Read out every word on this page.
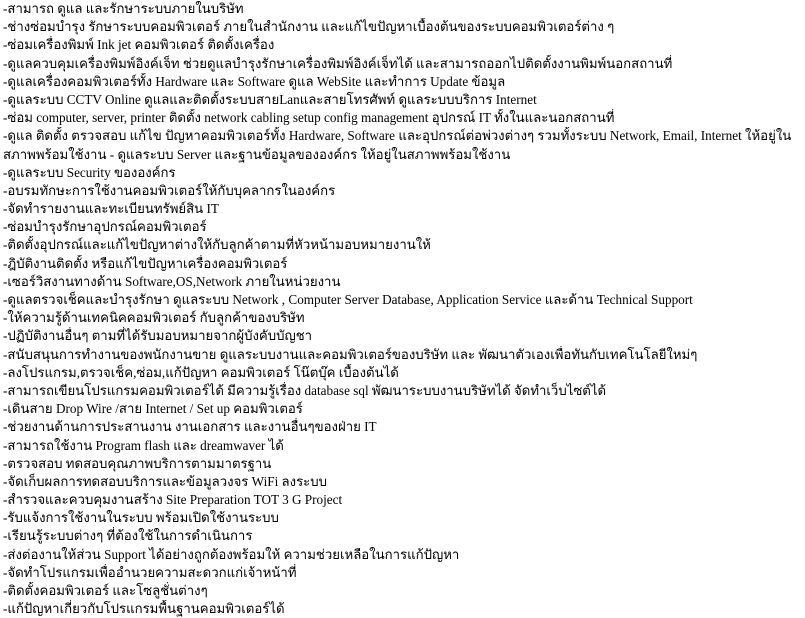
-สามารถ ดูแล และรักษาระบบภายในบริษัท
-ช่างซ่อมบำรุง รักษาระบบคอมพิวเตอร์ ภายในสำนักงาน และแก้ไขปัญหาเบื้องต้นของระบบคอมพิวเตอร์ต่าง ๆ
-ซ่อมเครื่องพิมพ์ Ink jet คอมพิวเตอร์ ติดตั้งเครื่อง
-ดูแลควบคุมเครื่องพิมพ์อิงค์เจ็ท ช่วยดูแลบำรุงรักษาเครื่องพิมพ์อิงค์เจ็ทได้ และสามารถออกไปติดตั้งงานพิมพ์นอกสถานที่
-ดูแลเครื่องคอมพิวเตอร์ทั้ง Hardware และ Software ดูแล WebSite และทำการ Update ข้อมูล
-ดูแลระบบ CCTV Online ดูแลและติดตั้งระบบสายLanและสายโทรศัพท์ ดูแลระบบบริการ Internet
-ซ่อม computer, server, printer ติดตั้ง network cabling setup config management อุปกรณ์ IT ทั้งในและนอกสถานที่
-ดูแล ติดตั้ง ตรวจสอบ แก้ไข ปัญหาคอมพิวเตอร์ทั้ง Hardware, Software และอุปกรณ์ต่อพ่วงต่างๆ รวมทั้งระบบ Network, Email, Internet ให้อยู่ในสภาพพร้อมใช้งาน - ดูแลระบบ Server และฐานข้อมูลขององค์กร ให้อยู่ในสภาพพร้อมใช้งาน
-ดูแลระบบ Security ขององค์กร
-อบรมทักษะการใช้งานคอมพิวเตอร์ให้กับบุคลากรในองค์กร
-จัดทำรายงานและทะเบียนทรัพย์สิน IT
-ซ่อมบำรุงรักษาอุปกรณ์คอมพิวเตอร์
-ติดตั้งอุปกรณ์และแก้ไขปัญหาต่างให้กับลูกค้าตามที่หัวหน้ามอบหมายงานให้
-ฎิบัติงานติดตั้ง หรือแก้ไขปัญหาเครื่องคอมพิวเตอร์
-เซอร์วิสงานทางด้าน Software,OS,Network ภายในหน่วยงาน
-ดูแลตรวจเช็คและบำรุงรักษา ดูแลระบบ Network , Computer Server Database, Application Service และด้าน Technical Support
-ให้ความรู้ด้านเทคนิคคอมพิวเตอร์ กับลูกค้าของบริษัท
-ปฏิบัติงานอื่นๆ ตามที่ได้รับมอบหมายจากผู้บังคับบัญชา
-สนับสนุนการทำงานของพนักงานขาย ดูแลระบบงานและคอมพิวเตอร์ของบริษัท และ พัฒนาตัวเองเพื่อทันกับเทคโนโลยีใหม่ๆ
-ลงโปรแกรม,ตรวจเช็ค,ซ่อม,แก้ปัญหา คอมพิวเตอร์ โน๊ตบุ๊ค เบื้องต้นได้
-สามารถเขียนโปรแกรมคอมพิวเตอร์ได้ มีความรู้เรื่อง database sql พัฒนาระบบงานบริษัทได้ จัดทำเว็บไซต์ได้
-เดินสาย Drop Wire /สาย Internet / Set up คอมพิวเตอร์
-ช่วยงานด้านการประสานงาน งานเอกสาร และงานอื่นๆของฝ่าย IT
-สามารถใช้งาน Program flash และ dreamwaver ได้
-ตรวจสอบ ทดสอบคุณภาพบริการตามมาตรฐาน
-จัดเก็บผลการทดสอบบริการและข้อมูลวงจร WiFi ลงระบบ
-สำรวจและควบคุมงานสร้าง Site Preparation TOT 3 G Project
-รับแจ้งการใช้งานในระบบ พร้อมเปิดใช้งานระบบ
-เรียนรู้ระบบต่างๆ ที่ต้องใช้ในการดำเนินการ
-ส่งต่องานให้ส่วน Support ได้อย่างถูกต้องพร้อมให้ ความช่วยเหลือในการแก้ปัญหา
-จัดทำโปรแกรมเพื่ออำนวยความสะดวกแก่เจ้าหน้าที่
-ติดตั้งคอมพิวเตอร์ และโซลูชั่นต่างๆ
-แก้ปัญหาเกี่ยวกับโปรแกรมพื้นฐานคอมพิวเตอร์ได้
